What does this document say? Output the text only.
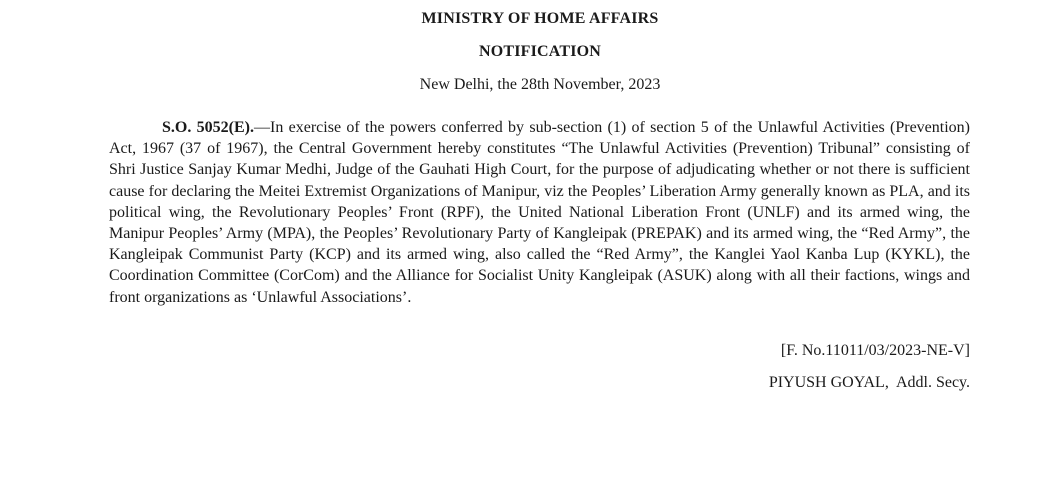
MINISTRY OF HOME AFFAIRS
NOTIFICATION
New Delhi, the 28th November, 2023
S.O. 5052(E).—In exercise of the powers conferred by sub-section (1) of section 5 of the Unlawful Activities (Prevention) Act, 1967 (37 of 1967), the Central Government hereby constitutes “The Unlawful Activities (Prevention) Tribunal” consisting of Shri Justice Sanjay Kumar Medhi, Judge of the Gauhati High Court, for the purpose of adjudicating whether or not there is sufficient cause for declaring the Meitei Extremist Organizations of Manipur, viz the Peoples’ Liberation Army generally known as PLA, and its political wing, the Revolutionary Peoples’ Front (RPF), the United National Liberation Front (UNLF) and its armed wing, the Manipur Peoples’ Army (MPA), the Peoples’ Revolutionary Party of Kangleipak (PREPAK) and its armed wing, the “Red Army”, the Kangleipak Communist Party (KCP) and its armed wing, also called the “Red Army”, the Kanglei Yaol Kanba Lup (KYKL), the Coordination Committee (CorCom) and the Alliance for Socialist Unity Kangleipak (ASUK) along with all their factions, wings and front organizations as ‘Unlawful Associations’.
[F. No.11011/03/2023-NE-V]
PIYUSH GOYAL,  Addl. Secy.
